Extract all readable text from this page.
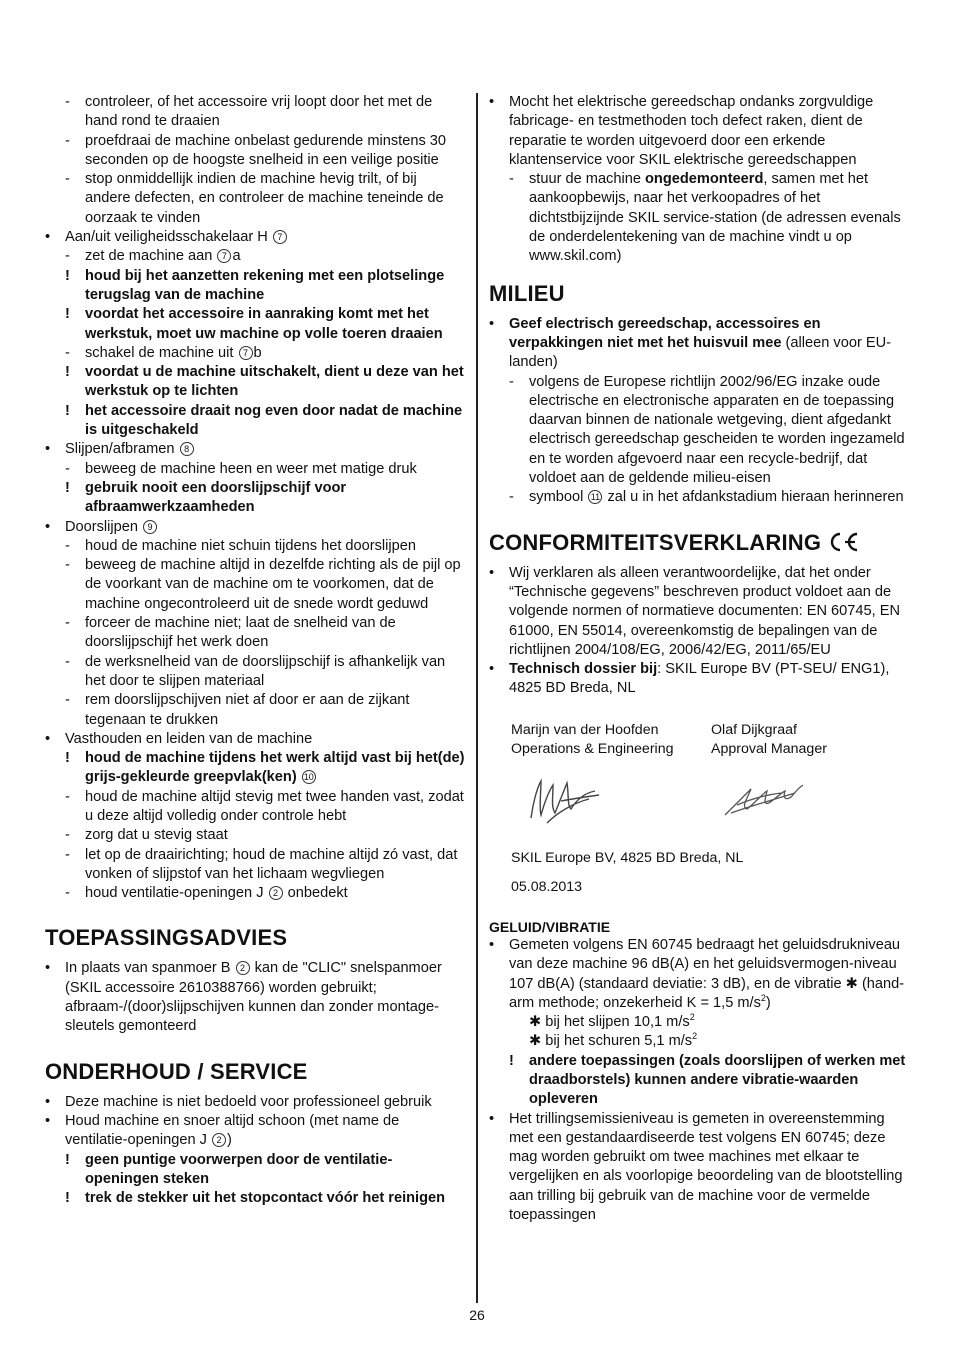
-	controleer, of het accessoire vrij loopt door het met de hand rond te draaien
-	proefdraai de machine onbelast gedurende minstens 30 seconden op de hoogste snelheid in een veilige positie
-	stop onmiddellijk indien de machine hevig trilt, of bij andere defecten, en controleer de machine teneinde de oorzaak te vinden
•	Aan/uit veiligheidsschakelaar H 7
-	zet de machine aan 7 a
!	houd bij het aanzetten rekening met een plotselinge terugslag van de machine
!	voordat het accessoire in aanraking komt met het werkstuk, moet uw machine op volle toeren draaien
-	schakel de machine uit 7 b
!	voordat u de machine uitschakelt, dient u deze van het werkstuk op te lichten
!	het accessoire draait nog even door nadat de machine is uitgeschakeld
•	Slijpen/afbramen 8
-	beweeg de machine heen en weer met matige druk
!	gebruik nooit een doorslijpschijf voor afbraamwerkzaamheden
•	Doorslijpen 9
-	houd de machine niet schuin tijdens het doorslijpen
-	beweeg de machine altijd in dezelfde richting als de pijl op de voorkant van de machine om te voorkomen, dat de machine ongecontroleerd uit de snede wordt geduwd
-	forceer de machine niet; laat de snelheid van de doorslijpschijf het werk doen
-	de werksnelheid van de doorslijpschijf is afhankelijk van het door te slijpen materiaal
-	rem doorslijpschijven niet af door er aan de zijkant tegenaan te drukken
•	Vasthouden en leiden van de machine
!	houd de machine tijdens het werk altijd vast bij het(de) grijs-gekleurde greepvlak(ken) 10
-	houd de machine altijd stevig met twee handen vast, zodat u deze altijd volledig onder controle hebt
-	zorg dat u stevig staat
-	let op de draairichting; houd de machine altijd zó vast, dat vonken of slijpstof van het lichaam wegvliegen
-	houd ventilatie-openingen J 2 onbedekt
TOEPASSINGSADVIES
•	In plaats van spanmoer B 2 kan de "CLIC" snelspanmoer (SKIL accessoire 2610388766) worden gebruikt; afbraam-/(door)slijpschijven kunnen dan zonder montage-sleutels gemonteerd
ONDERHOUD / SERVICE
•	Deze machine is niet bedoeld voor professioneel gebruik
•	Houd machine en snoer altijd schoon (met name de ventilatie-openingen J 2 )
!	geen puntige voorwerpen door de ventilatie-openingen steken
!	trek de stekker uit het stopcontact vóór het reinigen
•	Mocht het elektrische gereedschap ondanks zorgvuldige fabricage- en testmethoden toch defect raken, dient de reparatie te worden uitgevoerd door een erkende klantenservice voor SKIL elektrische gereedschappen
-	stuur de machine ongedemonteerd, samen met het aankoopbewijs, naar het verkoopadres of het dichtstbijzijnde SKIL service-station (de adressen evenals de onderdelentekening van de machine vindt u op www.skil.com)
MILIEU
•	Geef electrisch gereedschap, accessoires en verpakkingen niet met het huisvuil mee (alleen voor EU-landen)
-	volgens de Europese richtlijn 2002/96/EG inzake oude electrische en electronische apparaten en de toepassing daarvan binnen de nationale wetgeving, dient afgedankt electrisch gereedschap gescheiden te worden ingezameld en te worden afgevoerd naar een recycle-bedrijf, dat voldoet aan de geldende milieu-eisen
-	symbool 11 zal u in het afdankstadium hieraan herinneren
CONFORMITEITSVERKLARING
•	Wij verklaren als alleen verantwoordelijke, dat het onder “Technische gegevens” beschreven product voldoet aan de volgende normen of normatieve documenten: EN 60745, EN 61000, EN 55014, overeenkomstig de bepalingen van de richtlijnen 2004/108/EG, 2006/42/EG, 2011/65/EU
•	Technisch dossier bij: SKIL Europe BV (PT-SEU/ ENG1), 4825 BD Breda, NL
Marijn van der Hoofden
Operations & Engineering
Olaf Dijkgraaf
Approval Manager
SKIL Europe BV, 4825 BD Breda, NL
05.08.2013
GELUID/VIBRATIE
•	Gemeten volgens EN 60745 bedraagt het geluidsdrukniveau van deze machine 96 dB(A) en het geluidsvermogen-niveau 107 dB(A) (standaard deviatie: 3 dB), en de vibratie ✱ (hand-arm methode; onzekerheid K = 1,5 $m/s^2$)
✱ bij het slijpen 10,1 $m/s^2$
✱ bij het schuren 5,1 $m/s^2$
!	andere toepassingen (zoals doorslijpen of werken met draadborstels) kunnen andere vibratie-waarden opleveren
•	Het trillingsemissieniveau is gemeten in overeenstemming met een gestandaardiseerde test volgens EN 60745; deze mag worden gebruikt om twee machines met elkaar te vergelijken en als voorlopige beoordeling van de blootstelling aan trilling bij gebruik van de machine voor de vermelde toepassingen
26
